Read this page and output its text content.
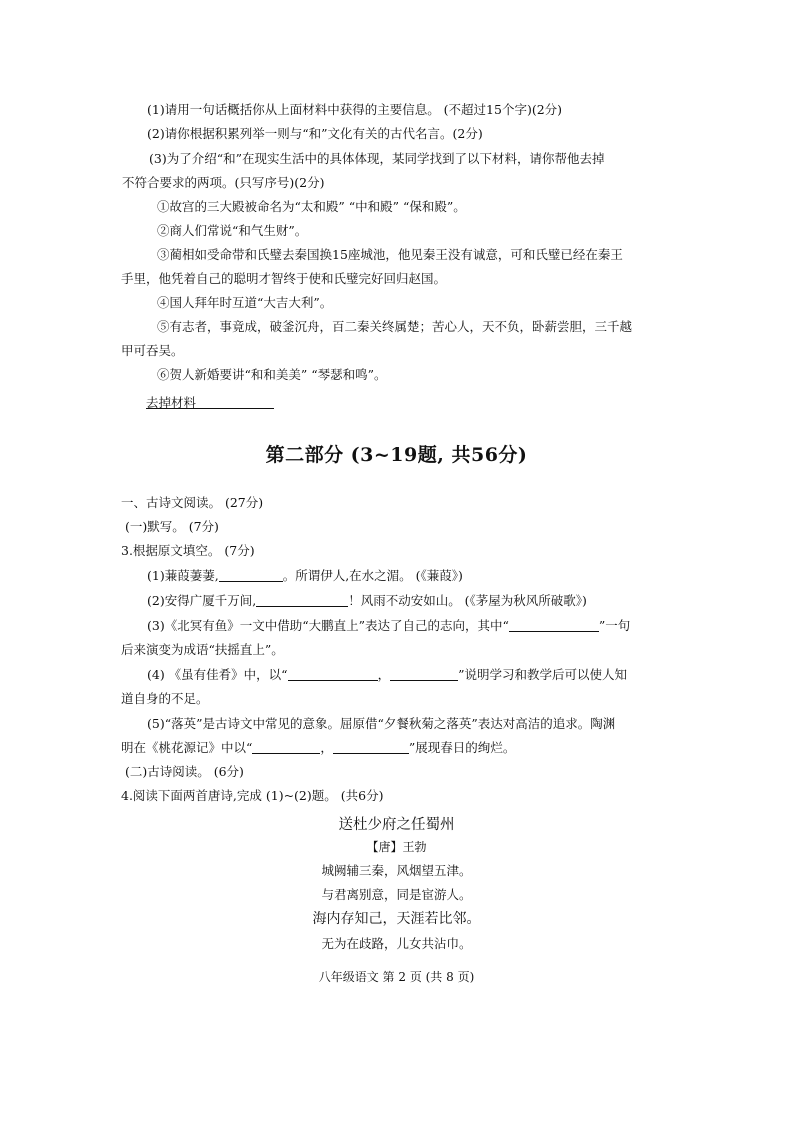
(1)请用一句话概括你从上面材料中获得的主要信息。 (不超过15个字)(2分)
(2)请你根据积累列举一则与“和”文化有关的古代名言。(2分)
(3)为了介绍“和”在现实生活中的具体体现，某同学找到了以下材料，请你帮他去掉
不符合要求的两项。(只写序号)(2分)
①故宫的三大殿被命名为“太和殿” “中和殿” “保和殿”。
②商人们常说“和气生财”。
③蔺相如受命带和氏璧去秦国换15座城池，他见秦王没有诚意，可和氏璧已经在秦王
手里，他凭着自己的聪明才智终于使和氏璧完好回归赵国。
④国人拜年时互道“大吉大利”。
⑤有志者，事竟成，破釜沉舟，百二秦关终属楚；苦心人，天不负，卧薪尝胆，三千越
甲可吞吴。
⑥贺人新婚要讲“和和美美” “琴瑟和鸣”。
去掉材料
第二部分 (3~19题, 共56分)
一、古诗文阅读。 (27分)
(一)默写。 (7分)
3.根据原文填空。 (7分)
(1)蒹葭萋萋,	。所谓伊人,在水之湄。 (《蒹葭》)
(2)安得广厦千万间,	！风雨不动安如山。 (《茅屋为秋风所破歌》)
(3)《北冥有鱼》一文中借助“大鹏直上”表达了自己的志向，其中“	”一句
后来演变为成语“扶摇直上”。
(4) 《虽有佳肴》中，以“	，	”说明学习和教学后可以使人知
道自身的不足。
(5)“落英”是古诗文中常见的意象。屈原借“夕餐秋菊之落英”表达对高洁的追求。陶渊
明在《桃花源记》中以“	，	”展现春日的绚烂。
(二)古诗阅读。 (6分)
4.阅读下面两首唐诗,完成 (1)~(2)题。 (共6分)
送杜少府之任蜀州
【唐】王勃
城阙辅三秦，风烟望五津。
与君离别意，同是宦游人。
海内存知己，天涯若比邻。
无为在歧路，儿女共沾巾。
八年级语文 第 2 页 (共 8 页)
